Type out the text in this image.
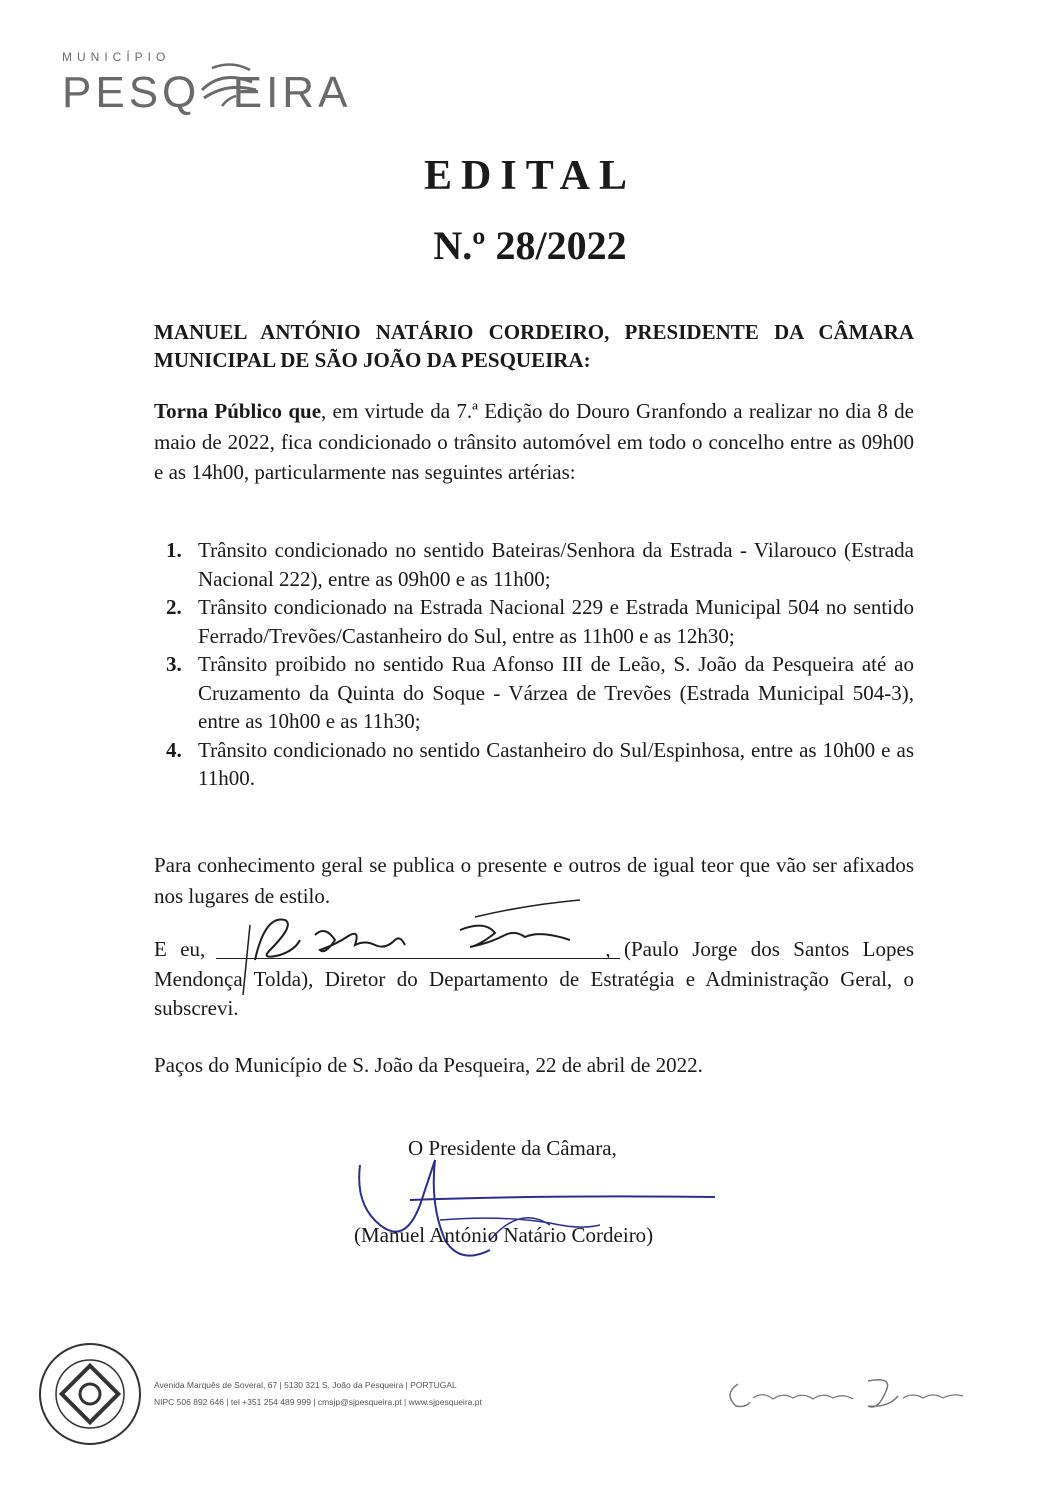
MUNICÍPIO
PESQ  EIRA
EDITAL
N.º 28/2022
MANUEL ANTÓNIO NATÁRIO CORDEIRO, PRESIDENTE DA CÂMARA
MUNICIPAL DE SÃO JOÃO DA PESQUEIRA:
Torna Público que, em virtude da 7.ª Edição do Douro Granfondo a realizar no dia 8 de maio de 2022, fica condicionado o trânsito automóvel em todo o concelho entre as 09h00 e as 14h00, particularmente nas seguintes artérias:
1. Trânsito condicionado no sentido Bateiras/Senhora da Estrada - Vilarouco (Estrada Nacional 222), entre as 09h00 e as 11h00;
2. Trânsito condicionado na Estrada Nacional 229 e Estrada Municipal 504 no sentido Ferrado/Trevões/Castanheiro do Sul, entre as 11h00 e as 12h30;
3. Trânsito proibido no sentido Rua Afonso III de Leão, S. João da Pesqueira até ao Cruzamento da Quinta do Soque - Várzea de Trevões (Estrada Municipal 504-3), entre as 10h00 e as 11h30;
4. Trânsito condicionado no sentido Castanheiro do Sul/Espinhosa, entre as 10h00 e as 11h00.
Para conhecimento geral se publica o presente e outros de igual teor que vão ser afixados nos lugares de estilo.
E eu,	, (Paulo Jorge dos Santos Lopes Mendonça Tolda), Diretor do Departamento de Estratégia e Administração Geral, o subscrevi.
Paços do Município de S. João da Pesqueira, 22 de abril de 2022.
O Presidente da Câmara,
(Manuel António Natário Cordeiro)
Avenida Marquês de Soveral, 67 | 5130 321 S. João da Pesqueira | PORTUGAL
NIPC 506 892 646 | tel +351 254 489 999 | cmsjp@sjpesqueira.pt | www.sjpesqueira.pt
